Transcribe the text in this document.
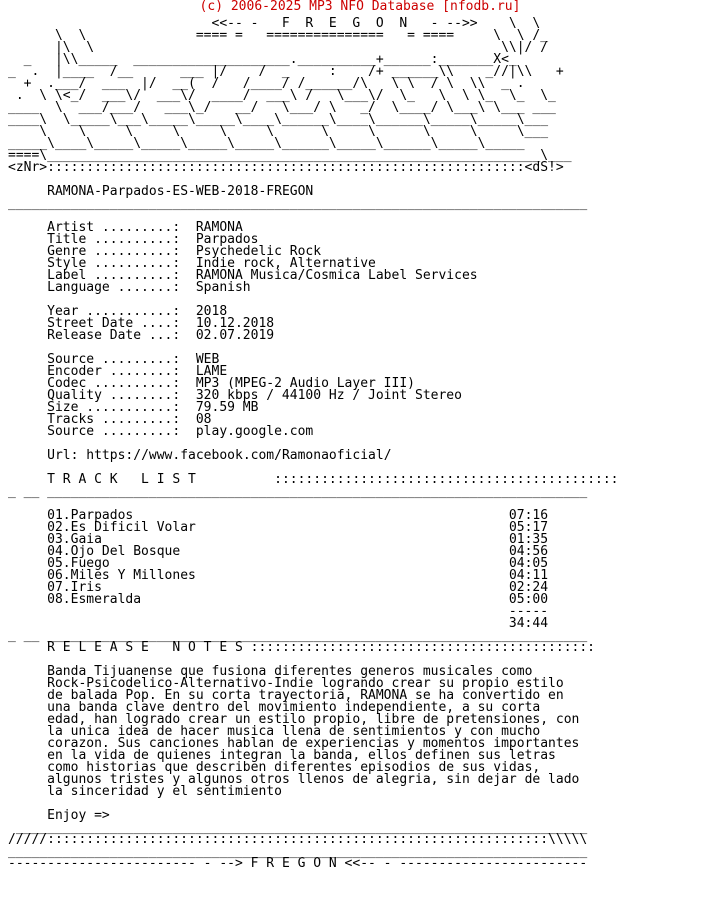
(c) 2006-2025 MP3 NFO Database [nfodb.ru]
<<-- -   F  R  E  G  O  N   - -->>    \  \
\  \              ==== =   ===============   = ====     \  \ /_
|\  \                                                    \\|/ /
_   |\\_____  ____________________.__________+______:_______X<_
_  .  |____  /__      ___ |/    /  _     :    /+ ______\\    _//|\\   +
+  .___/  ___  |/  __(  /   /____/ /______/\   \ \  / \  \\  _ .
.  \ \<_/  ___\/  ___\/  ____/  ___\ /   \___\/  \_   \  \ \_  \_  \_
____  \  ___/___/   ___\_/   __/   \___/ \   _/  \____/ \___\ \___ ___
____\  \_____\___\_____\_____\____\______\____\______\_____\_____\___
\    \     \     \     \     \      \     \      \     \     \___
_____\____\_____\_____\_____\_____\______\_____\______\_____\_____
====\_______________________________________________________________\___
<zNr>:::::::::::::::::::::::::::::::::::::::::::::::::::::::::::::<dS!>

RAMONA-Parpados-ES-WEB-2018-FREGON
__________________________________________________________________________

Artist .........:  RAMONA
Title ..........:  Parpados
Genre ..........:  Psychedelic Rock
Style ..........:  Indie rock, Alternative
Label ..........:  RAMONA Musica/Cosmica Label Services
Language .......:  Spanish

Year ...........:  2018
Street Date ....:  10.12.2018
Release Date ...:  02.07.2019

Source .........:  WEB
Encoder ........:  LAME
Codec ..........:  MP3 (MPEG-2 Audio Layer III)
Quality ........:  320 kbps / 44100 Hz / Joint Stereo
Size ...........:  79.59 MB
Tracks .........:  08
Source .........:  play.google.com

Url: https://www.facebook.com/Ramonaoficial/

T R A C K   L I S T	::::::::::::::::::::::::::::::::::::::::::::
_ __ _____________________________________________________________________

01.Parpados	07:16
02.Es Dificil Volar	05:17
03.Gaia	01:35
04.Ojo Del Bosque	04:56
05.Fuego	04:05
06.Miles Y Millones	04:11
07.Iris	02:24
08.Esmeralda	05:00
-----
34:44
_ __ _____________________________________________________________________
R E L E A S E   N O T E S ::::::::::::::::::::::::::::::::::::::::::::

Banda Tijuanense que fusiona diferentes generos musicales como
Rock-Psicodelico-Alternativo-Indie logrando crear su propio estilo
de balada Pop. En su corta trayectoria, RAMONA se ha convertido en
una banda clave dentro del movimiento independiente, a su corta
edad, han logrado crear un estilo propio, libre de pretensiones, con
la unica idea de hacer musica llena de sentimientos y con mucho
corazon. Sus canciones hablan de experiencias y momentos importantes
en la vida de quienes integran la banda, ellos definen sus letras
como historias que describen diferentes episodios de sus vidas,
algunos tristes y algunos otros llenos de alegria, sin dejar de lado
la sinceridad y el sentimiento

Enjoy =>
_________________________________________________________________________
/////::::::::::::::::::::::::::::::::::::::::::::::::::::::::::::::::\\\\\
__________________________________________________________________________
------------------------ - --> F R E G O N <<-- - ------------------------
